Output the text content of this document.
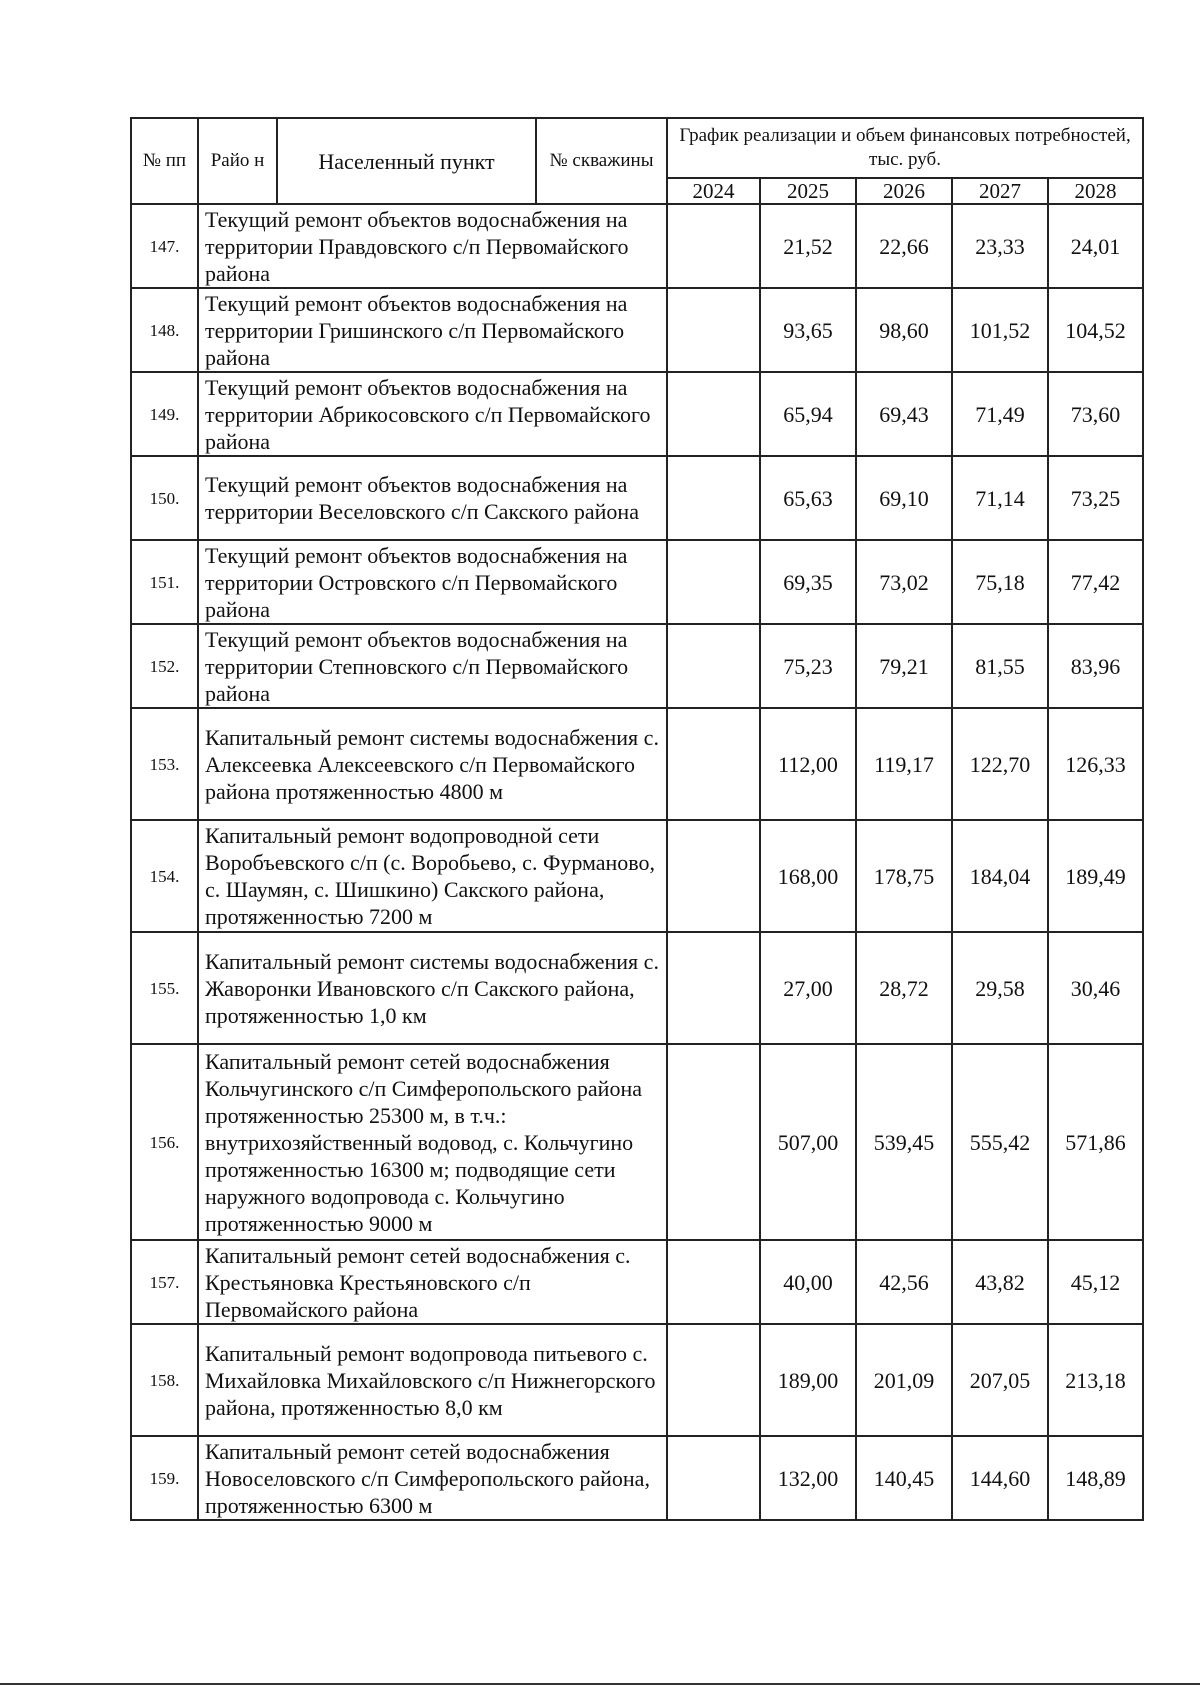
№ пп	Райо н	Населенный пункт	№ скважины	График реализации и объем финансовых потребностей, тыс. руб.				
				2024	2025	2026	2027	2028
147.	Текущий ремонт объектов водоснабжения на территории Правдовского с/п Первомайского района				21,52	22,66	23,33	24,01
148.	Текущий ремонт объектов водоснабжения на территории Гришинского с/п Первомайского района				93,65	98,60	101,52	104,52
149.	Текущий ремонт объектов водоснабжения на территории Абрикосовского с/п Первомайского района				65,94	69,43	71,49	73,60
150.	Текущий ремонт объектов водоснабжения на территории Веселовского с/п Сакского района				65,63	69,10	71,14	73,25
151.	Текущий ремонт объектов водоснабжения на территории Островского с/п Первомайского района				69,35	73,02	75,18	77,42
152.	Текущий ремонт объектов водоснабжения на территории Степновского с/п Первомайского района				75,23	79,21	81,55	83,96
153.	Капитальный ремонт системы водоснабжения с. Алексеевка Алексеевского с/п Первомайского района протяженностью 4800 м				112,00	119,17	122,70	126,33
154.	Капитальный ремонт водопроводной сети Воробъевского с/п (с. Воробьево, с. Фурманово, с. Шаумян, с. Шишкино) Сакского района, протяженностью 7200 м				168,00	178,75	184,04	189,49
155.	Капитальный ремонт системы водоснабжения с. Жаворонки Ивановского с/п Сакского района, протяженностью 1,0 км				27,00	28,72	29,58	30,46
156.	Капитальный ремонт сетей водоснабжения Кольчугинского с/п Симферопольского района протяженностью 25300 м, в т.ч.: внутрихозяйственный водовод, с. Кольчугино протяженностью 16300 м; подводящие сети наружного водопровода с. Кольчугино протяженностью 9000 м				507,00	539,45	555,42	571,86
157.	Капитальный ремонт сетей водоснабжения с. Крестьяновка Крестьяновского с/п Первомайского района				40,00	42,56	43,82	45,12
158.	Капитальный ремонт водопровода питьевого с. Михайловка Михайловского с/п Нижнегорского района, протяженностью 8,0 км				189,00	201,09	207,05	213,18
159.	Капитальный ремонт сетей водоснабжения Новоселовского с/п Симферопольского района, протяженностью 6300 м				132,00	140,45	144,60	148,89
